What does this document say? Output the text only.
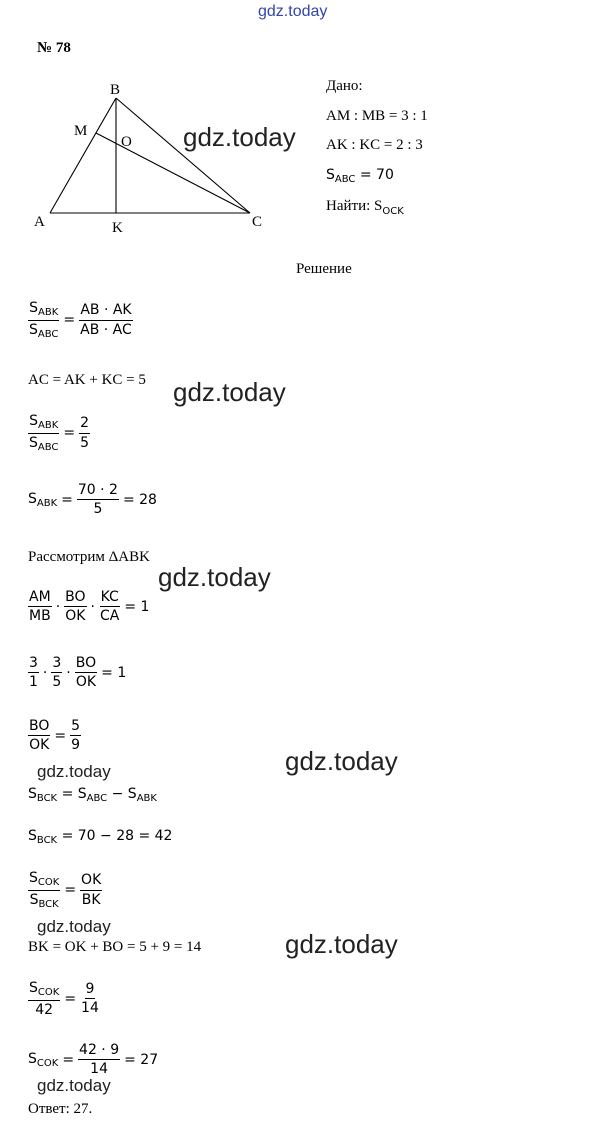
gdz.today
gdz.today
gdz.today
gdz.today
gdz.today
gdz.today
gdz.today
gdz.today
gdz.today
№ 78
B
M
O
A	K	C
Дано:
AM : MB = 3 : 1
AK : KC = 2 : 3
$S_{ABC} = 70$
Найти: $S_{OCK}$
Решение
$\frac{S_{ABK}}{S_{ABC}} = \frac{AB \cdot AK}{AB \cdot AC}$
AC = AK + KC = 5
$\frac{S_{ABK}}{S_{ABC}} = \frac{2}{5}$
$S_{ABK} = \frac{70 \cdot 2}{5} = 28$
Рассмотрим ΔABK
$\frac{AM}{MB} \cdot \frac{BO}{OK} \cdot \frac{KC}{CA} = 1$
$\frac{3}{1} \cdot \frac{3}{5} \cdot \frac{BO}{OK} = 1$
$\frac{BO}{OK} = \frac{5}{9}$
$S_{BCK} = S_{ABC} - S_{ABK}$
$S_{BCK} = 70 - 28 = 42$
$\frac{S_{COK}}{S_{BCK}} = \frac{OK}{BK}$
BK = OK + BO = 5 + 9 = 14
$\frac{S_{COK}}{42} = \frac{9}{14}$
$S_{COK} = \frac{42 \cdot 9}{14} = 27$
Ответ: 27.
